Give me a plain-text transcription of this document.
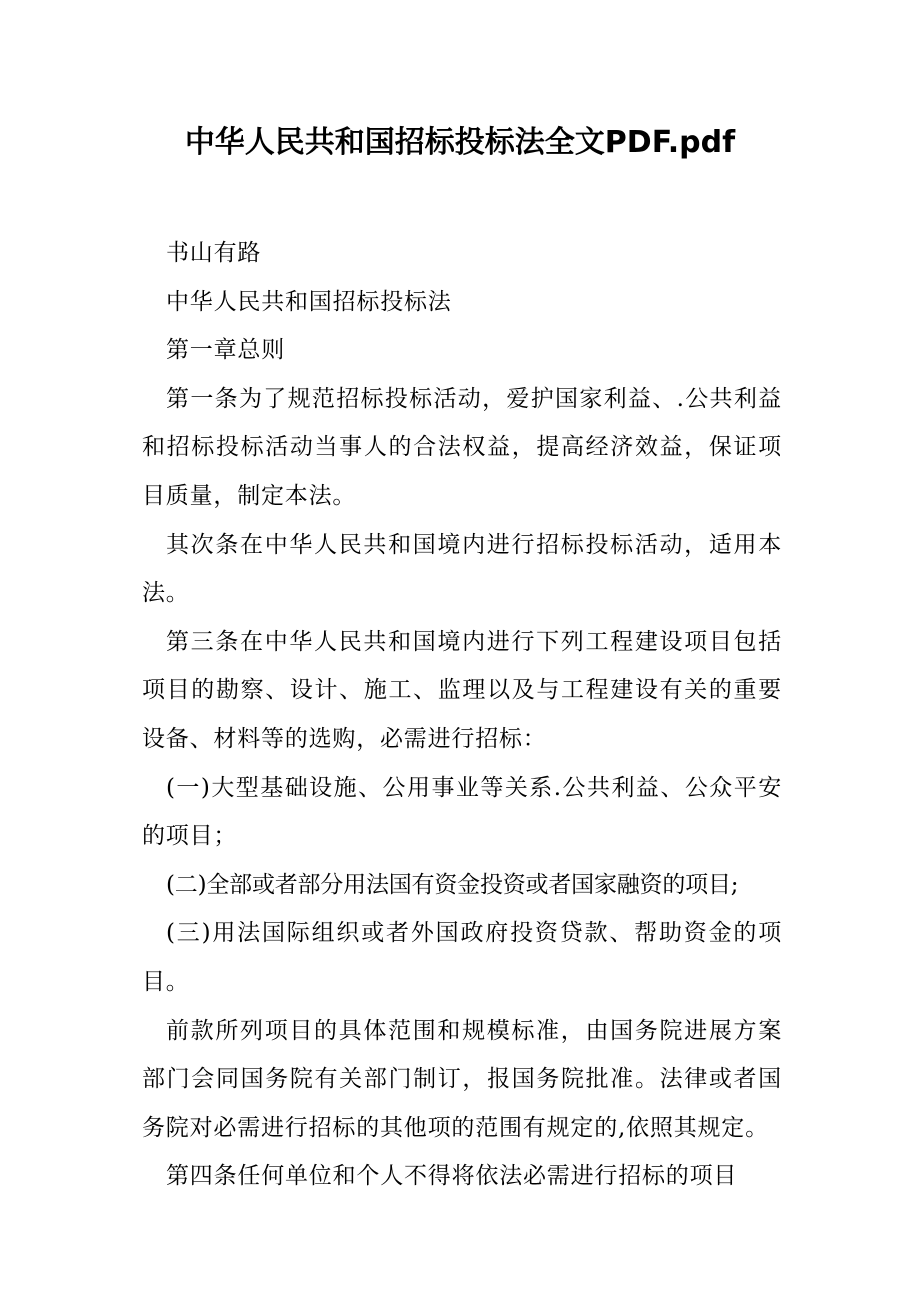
中华人民共和国招标投标法全文PDF.pdf

书山有路

中华人民共和国招标投标法

第一章总则

第一条为了规范招标投标活动，爱护国家利益、.公共利益和招标投标活动当事人的合法权益，提高经济效益，保证项目质量，制定本法。

其次条在中华人民共和国境内进行招标投标活动，适用本法。

第三条在中华人民共和国境内进行下列工程建设项目包括项目的勘察、设计、施工、监理以及与工程建设有关的重要设备、材料等的选购，必需进行招标：

(一)大型基础设施、公用事业等关系.公共利益、公众平安的项目；

(二)全部或者部分用法国有资金投资或者国家融资的项目;

(三)用法国际组织或者外国政府投资贷款、帮助资金的项目。

前款所列项目的具体范围和规模标准，由国务院进展方案部门会同国务院有关部门制订，报国务院批准。法律或者国务院对必需进行招标的其他项的范围有规定的,依照其规定。

第四条任何单位和个人不得将依法必需进行招标的项目
